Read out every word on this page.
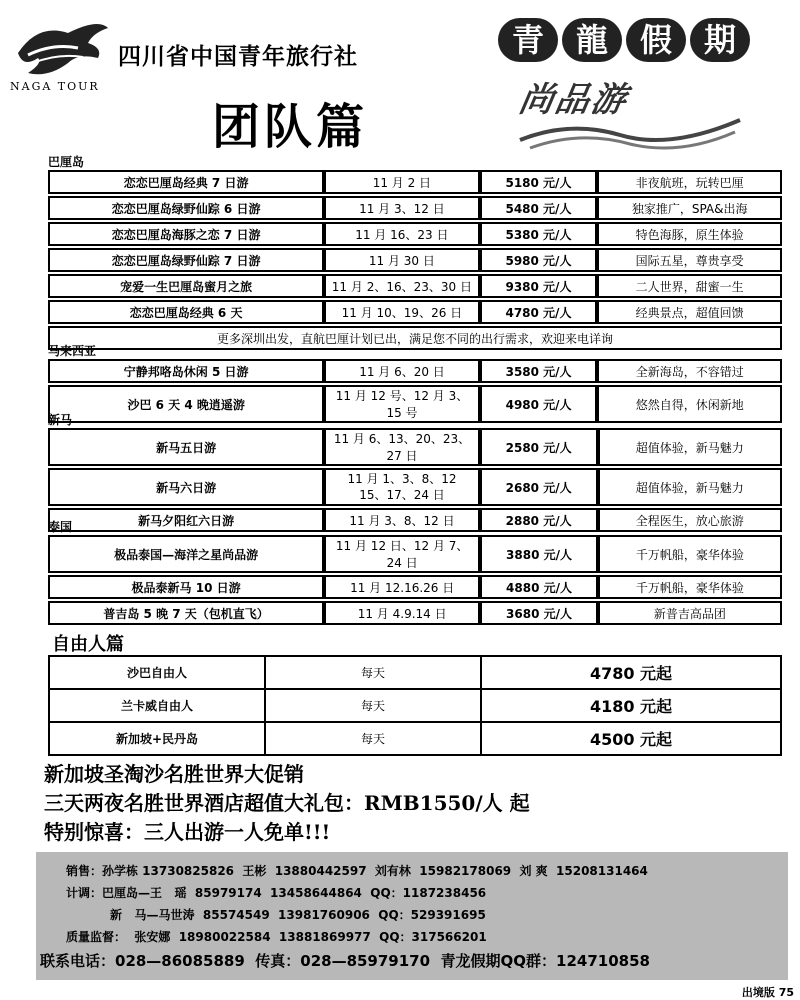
NAGA TOUR
四川省中国青年旅行社
团队篇
青 龍 假 期
尚品游
巴厘岛
恋恋巴厘岛经典 7 日游	11 月 2 日	5180 元/人	非夜航班，玩转巴厘
恋恋巴厘岛绿野仙踪 6 日游	11 月 3、12 日	5480 元/人	独家推广，SPA&出海
恋恋巴厘岛海豚之恋 7 日游	11 月 16、23 日	5380 元/人	特色海豚，原生体验
恋恋巴厘岛绿野仙踪 7 日游	11 月 30 日	5980 元/人	国际五星，尊贵享受
宠爱一生巴厘岛蜜月之旅	11 月 2、16、23、30 日	9380 元/人	二人世界，甜蜜一生
恋恋巴厘岛经典 6 天	11 月 10、19、26 日	4780 元/人	经典景点，超值回馈
更多深圳出发，直航巴厘计划已出，满足您不同的出行需求，欢迎来电详询			
马来西亚
宁静邦咯岛休闲 5 日游	11 月 6、20 日	3580 元/人	全新海岛，不容错过
沙巴 6 天 4 晚逍遥游	11 月 12 号、12 月 3、15 号	4980 元/人	悠然自得，休闲新地
新马
新马五日游	11 月 6、13、20、23、27 日	2580 元/人	超值体验，新马魅力
新马六日游	11 月 1、3、8、12
15、17、24 日	2680 元/人	超值体验，新马魅力
新马夕阳红六日游	11 月 3、8、12 日	2880 元/人	全程医生，放心旅游
泰国
极品泰国—海洋之星尚品游	11 月 12 日、12 月 7、24 日	3880 元/人	千万帆船，豪华体验
极品泰新马 10 日游	11 月 12.16.26 日	4880 元/人	千万帆船，豪华体验
普吉岛 5 晚 7 天（包机直飞）	11 月 4.9.14 日	3680 元/人	新普吉高品团
自由人篇
沙巴自由人	每天	4780 元起
兰卡威自由人	每天	4180 元起
新加坡+民丹岛	每天	4500 元起
新加坡圣淘沙名胜世界大促销
三天两夜名胜世界酒店超值大礼包：RMB1550/人 起
特别惊喜：三人出游一人免单!!!
销售：孙学栋 13730825826  王彬  13880442597  刘有林  15982178069  刘 爽  15208131464
计调：巴厘岛—王   瑶  85979174  13458644864  QQ：1187238456
新   马—马世涛  85574549  13981760906  QQ：529391695
质量监督：  张安娜  18980022584  13881869977  QQ：317566201
联系电话：028—86085889  传真：028—85979170  青龙假期QQ群：124710858
出境版 75
